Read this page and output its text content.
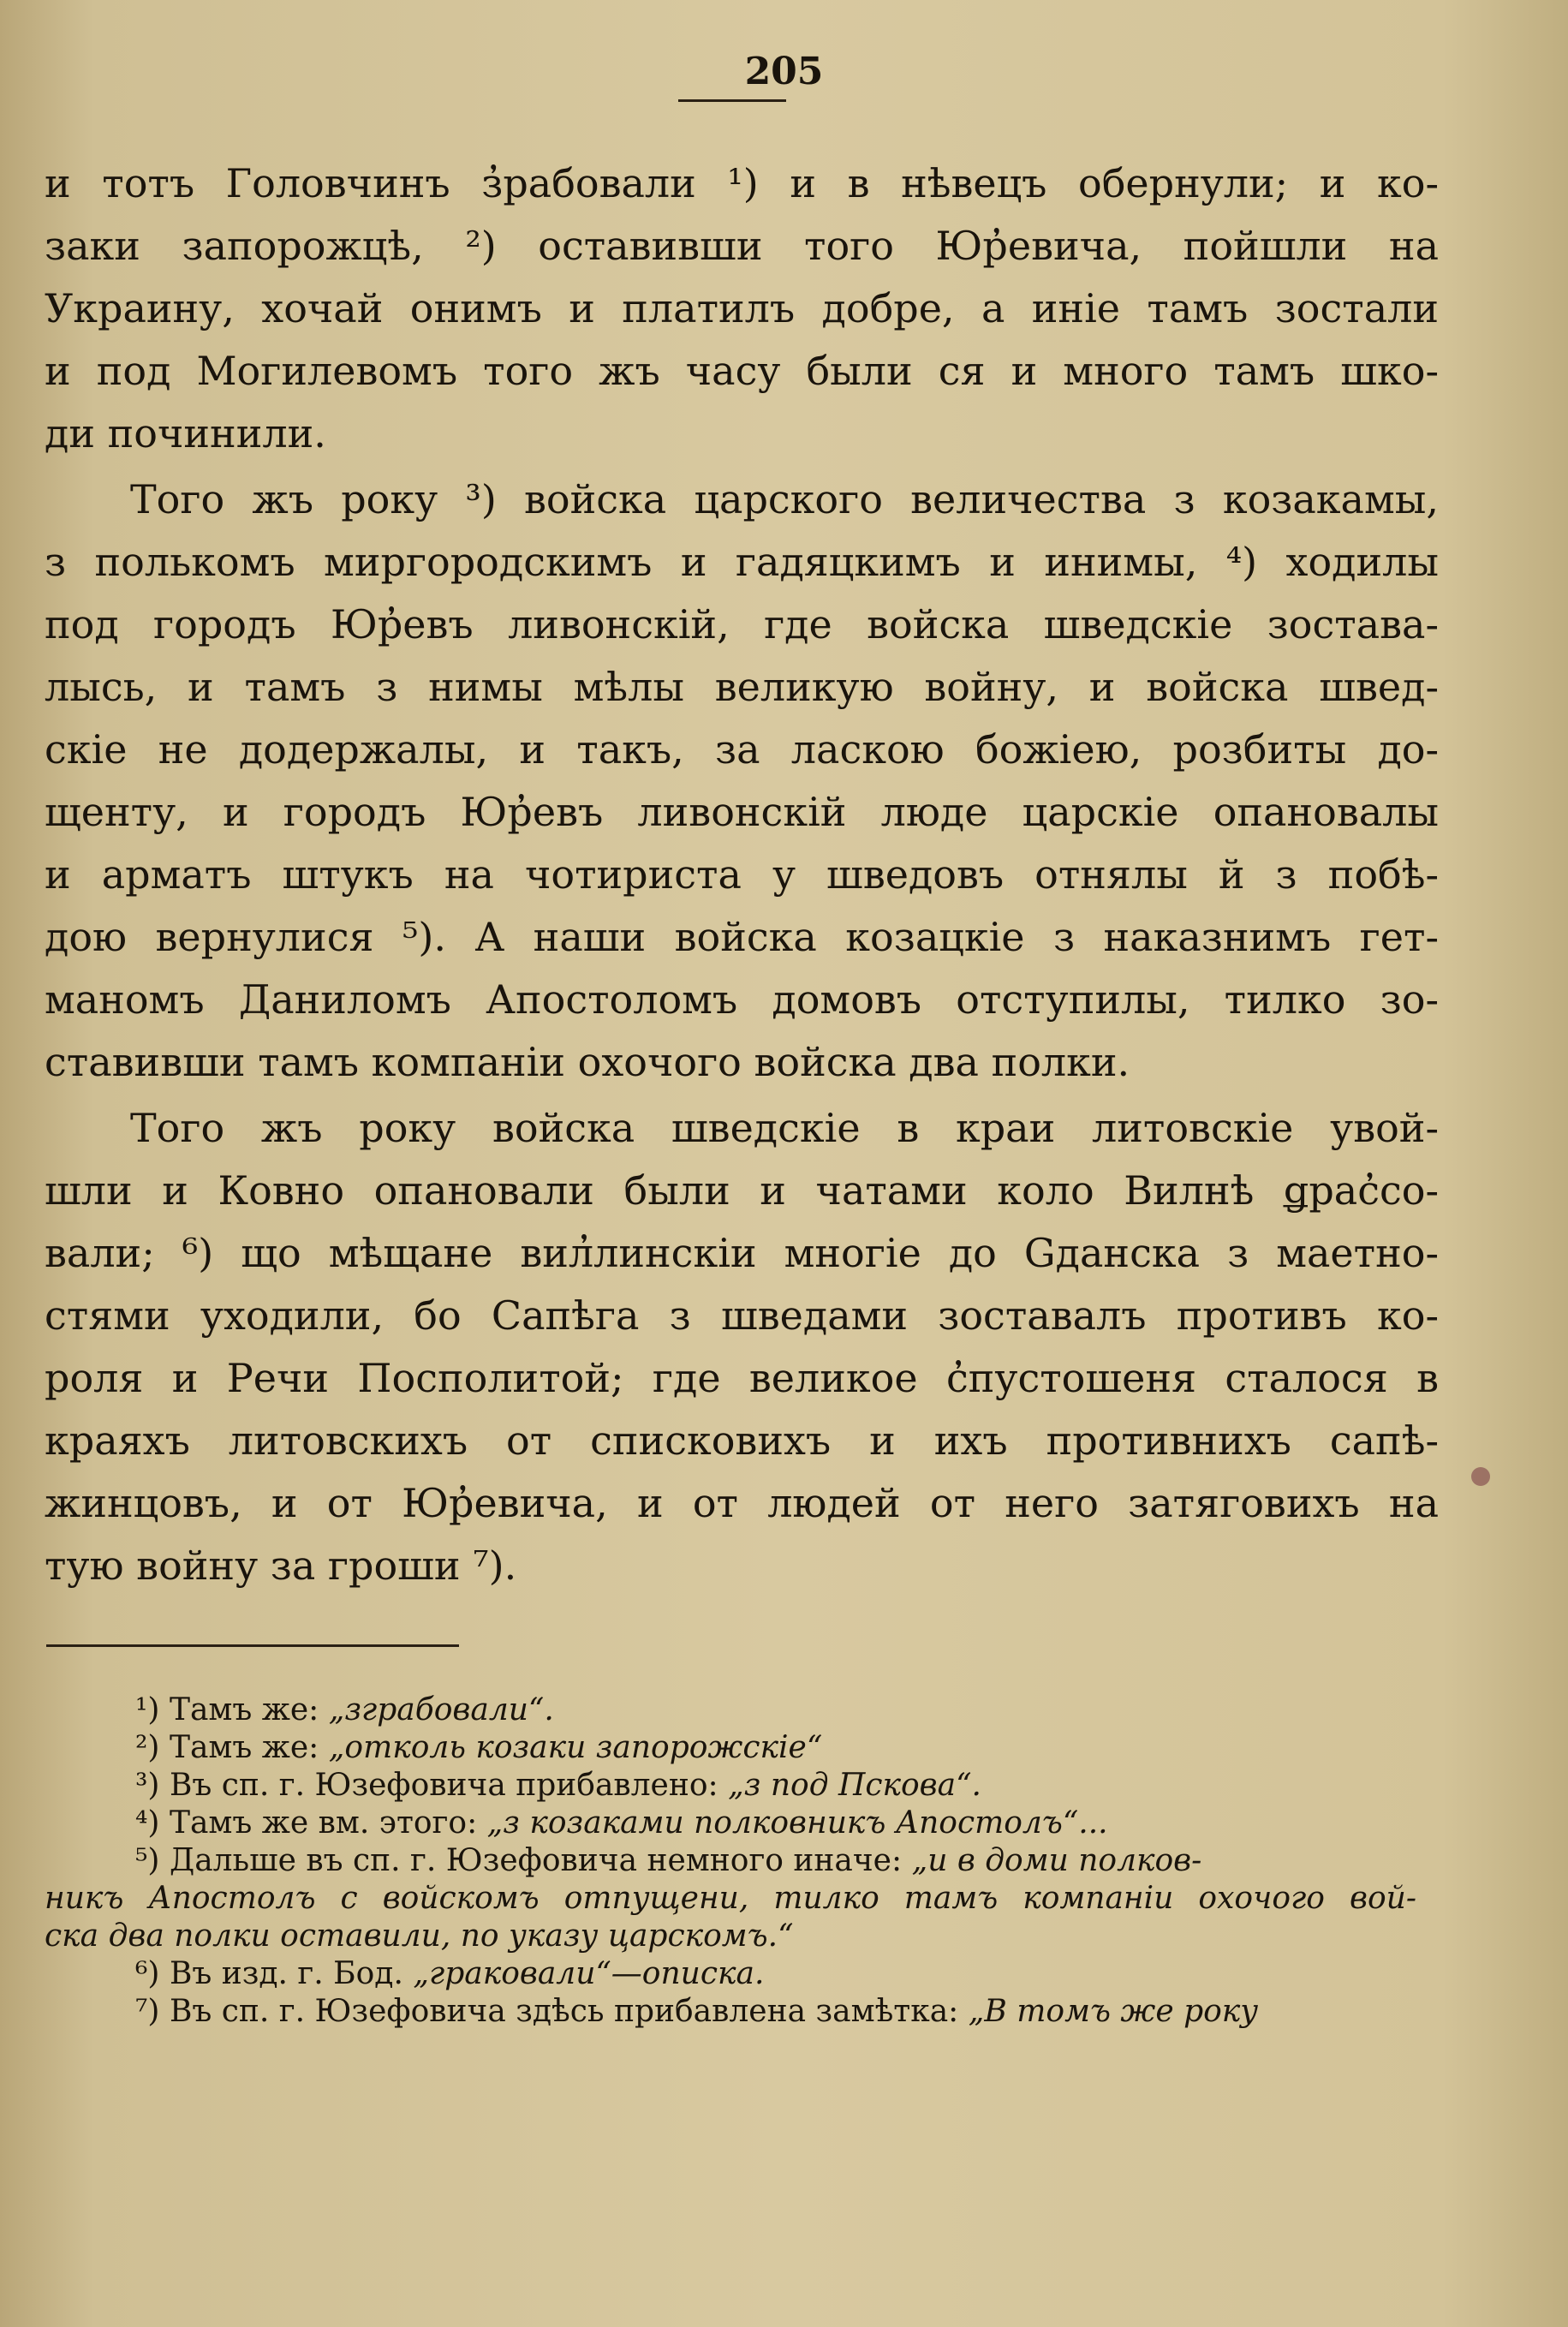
205
и тотъ Головчинъ з̓рабовали ¹) и в нѣвецъ обернули; и ко-
заки запорожцѣ, ²) оставивши того Юр̓евича, пойшли на
Украину, хочай онимъ и платилъ добре, а иніе тамъ зостали
и под Могилевомъ того жъ часу были ся и много тамъ шко-
ди починили.
Того жъ року ³) войска царского величества з козакамы,
з полькомъ миргородскимъ и гадяцкимъ и инимы, ⁴) ходилы
под городъ Юр̓евъ ливонскій, где войска шведскіе зостава-
лысь, и тамъ з нимы мѣлы великую войну, и войска швед-
скіе не додержалы, и такъ, за ласкою божіею, розбиты до-
щенту, и городъ Юр̓евъ ливонскій люде царскіе опановалы
и арматъ штукъ на чотириста у шведовъ отнялы й з побѣ-
дою вернулися ⁵). А наши войска козацкіе з наказнимъ гет-
маномъ Даниломъ Апостоломъ домовъ отступилы, тилко зо-
ставивши тамъ компаніи охочого войска два полки.
Того жъ року войска шведскіе в краи литовскіе увой-
шли и Ковно опановали были и чатами коло Вилнѣ ǥрас̓со-
вали; ⁶) що мѣщане вил̓линскіи многіе до Gданска з маетно-
стями уходили, бо Сапѣга з шведами зоставалъ противъ ко-
роля и Речи Посполитой; где великое с̓пустошеня сталося в
краяхъ литовскихъ от списковихъ и ихъ противнихъ сапѣ-
жинцовъ, и от Юр̓евича, и от людей от него затяговихъ на
тую войну за гроши ⁷).
¹) Тамъ же: „зграбовали“.
²) Тамъ же: „отколь козаки запорожскіе“
³) Въ сп. г. Юзефовича прибавлено: „з под Пскова“.
⁴) Тамъ же вм. этого: „з козаками полковникъ Апостолъ“...
⁵) Дальше въ сп. г. Юзефовича немного иначе: „и в доми полков-
никъ Апостолъ с войскомъ отпущени, тилко тамъ компаніи охочого вой-
ска два полки оставили, по указу царскомъ.“
⁶) Въ изд. г. Бод. „граковали“—описка.
⁷) Въ сп. г. Юзефовича здѣсь прибавлена замѣтка: „В томъ же року
